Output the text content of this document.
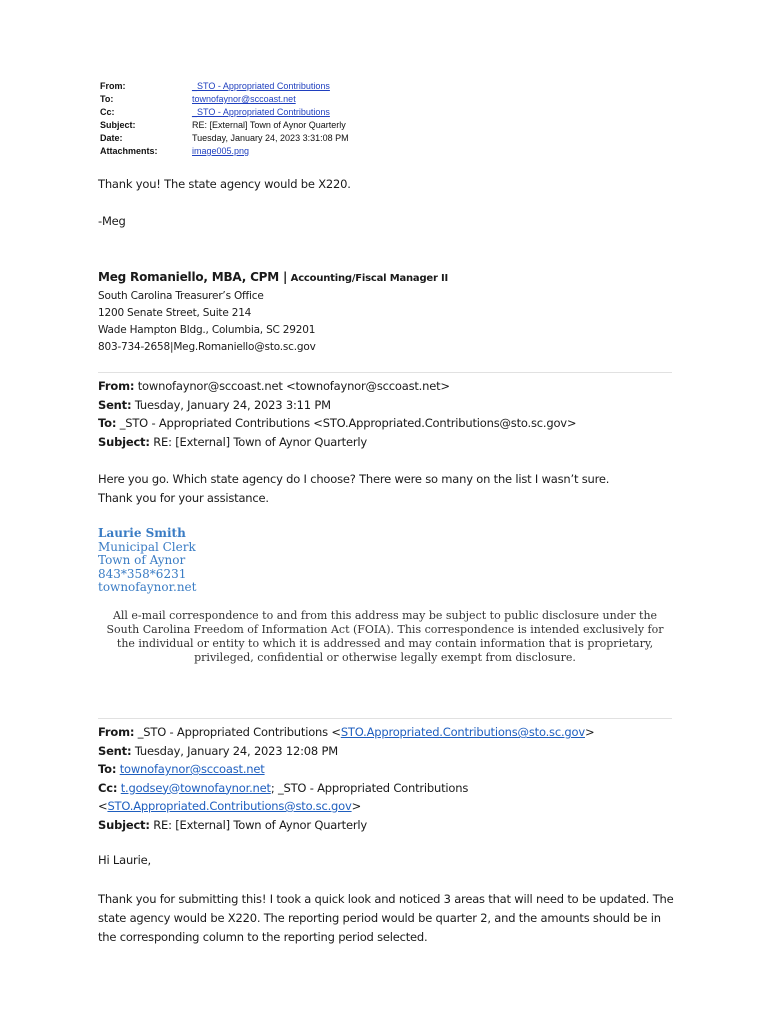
From:	_STO - Appropriated Contributions
To:	townofaynor@sccoast.net
Cc:	_STO - Appropriated Contributions
Subject:	RE: [External] Town of Aynor Quarterly
Date:	Tuesday, January 24, 2023 3:31:08 PM
Attachments:	image005.png
Thank you! The state agency would be X220.
-Meg
Meg Romaniello, MBA, CPM | Accounting/Fiscal Manager II
South Carolina Treasurer’s Office
1200 Senate Street, Suite 214
Wade Hampton Bldg., Columbia, SC 29201
803-734-2658|Meg.Romaniello@sto.sc.gov
From: townofaynor@sccoast.net <townofaynor@sccoast.net>
Sent: Tuesday, January 24, 2023 3:11 PM
To: _STO - Appropriated Contributions <STO.Appropriated.Contributions@sto.sc.gov>
Subject: RE: [External] Town of Aynor Quarterly
Here you go. Which state agency do I choose? There were so many on the list I wasn’t sure.
Thank you for your assistance.
Laurie Smith
Municipal Clerk
Town of Aynor
843*358*6231
townofaynor.net
All e-mail correspondence to and from this address may be subject to public disclosure under the South Carolina Freedom of Information Act (FOIA). This correspondence is intended exclusively for the individual or entity to which it is addressed and may contain information that is proprietary, privileged, confidential or otherwise legally exempt from disclosure.
From: _STO - Appropriated Contributions <STO.Appropriated.Contributions@sto.sc.gov>
Sent: Tuesday, January 24, 2023 12:08 PM
To: townofaynor@sccoast.net
Cc: t.godsey@townofaynor.net; _STO - Appropriated Contributions
<STO.Appropriated.Contributions@sto.sc.gov>
Subject: RE: [External] Town of Aynor Quarterly
Hi Laurie,
Thank you for submitting this! I took a quick look and noticed 3 areas that will need to be updated. The state agency would be X220. The reporting period would be quarter 2, and the amounts should be in the corresponding column to the reporting period selected.
